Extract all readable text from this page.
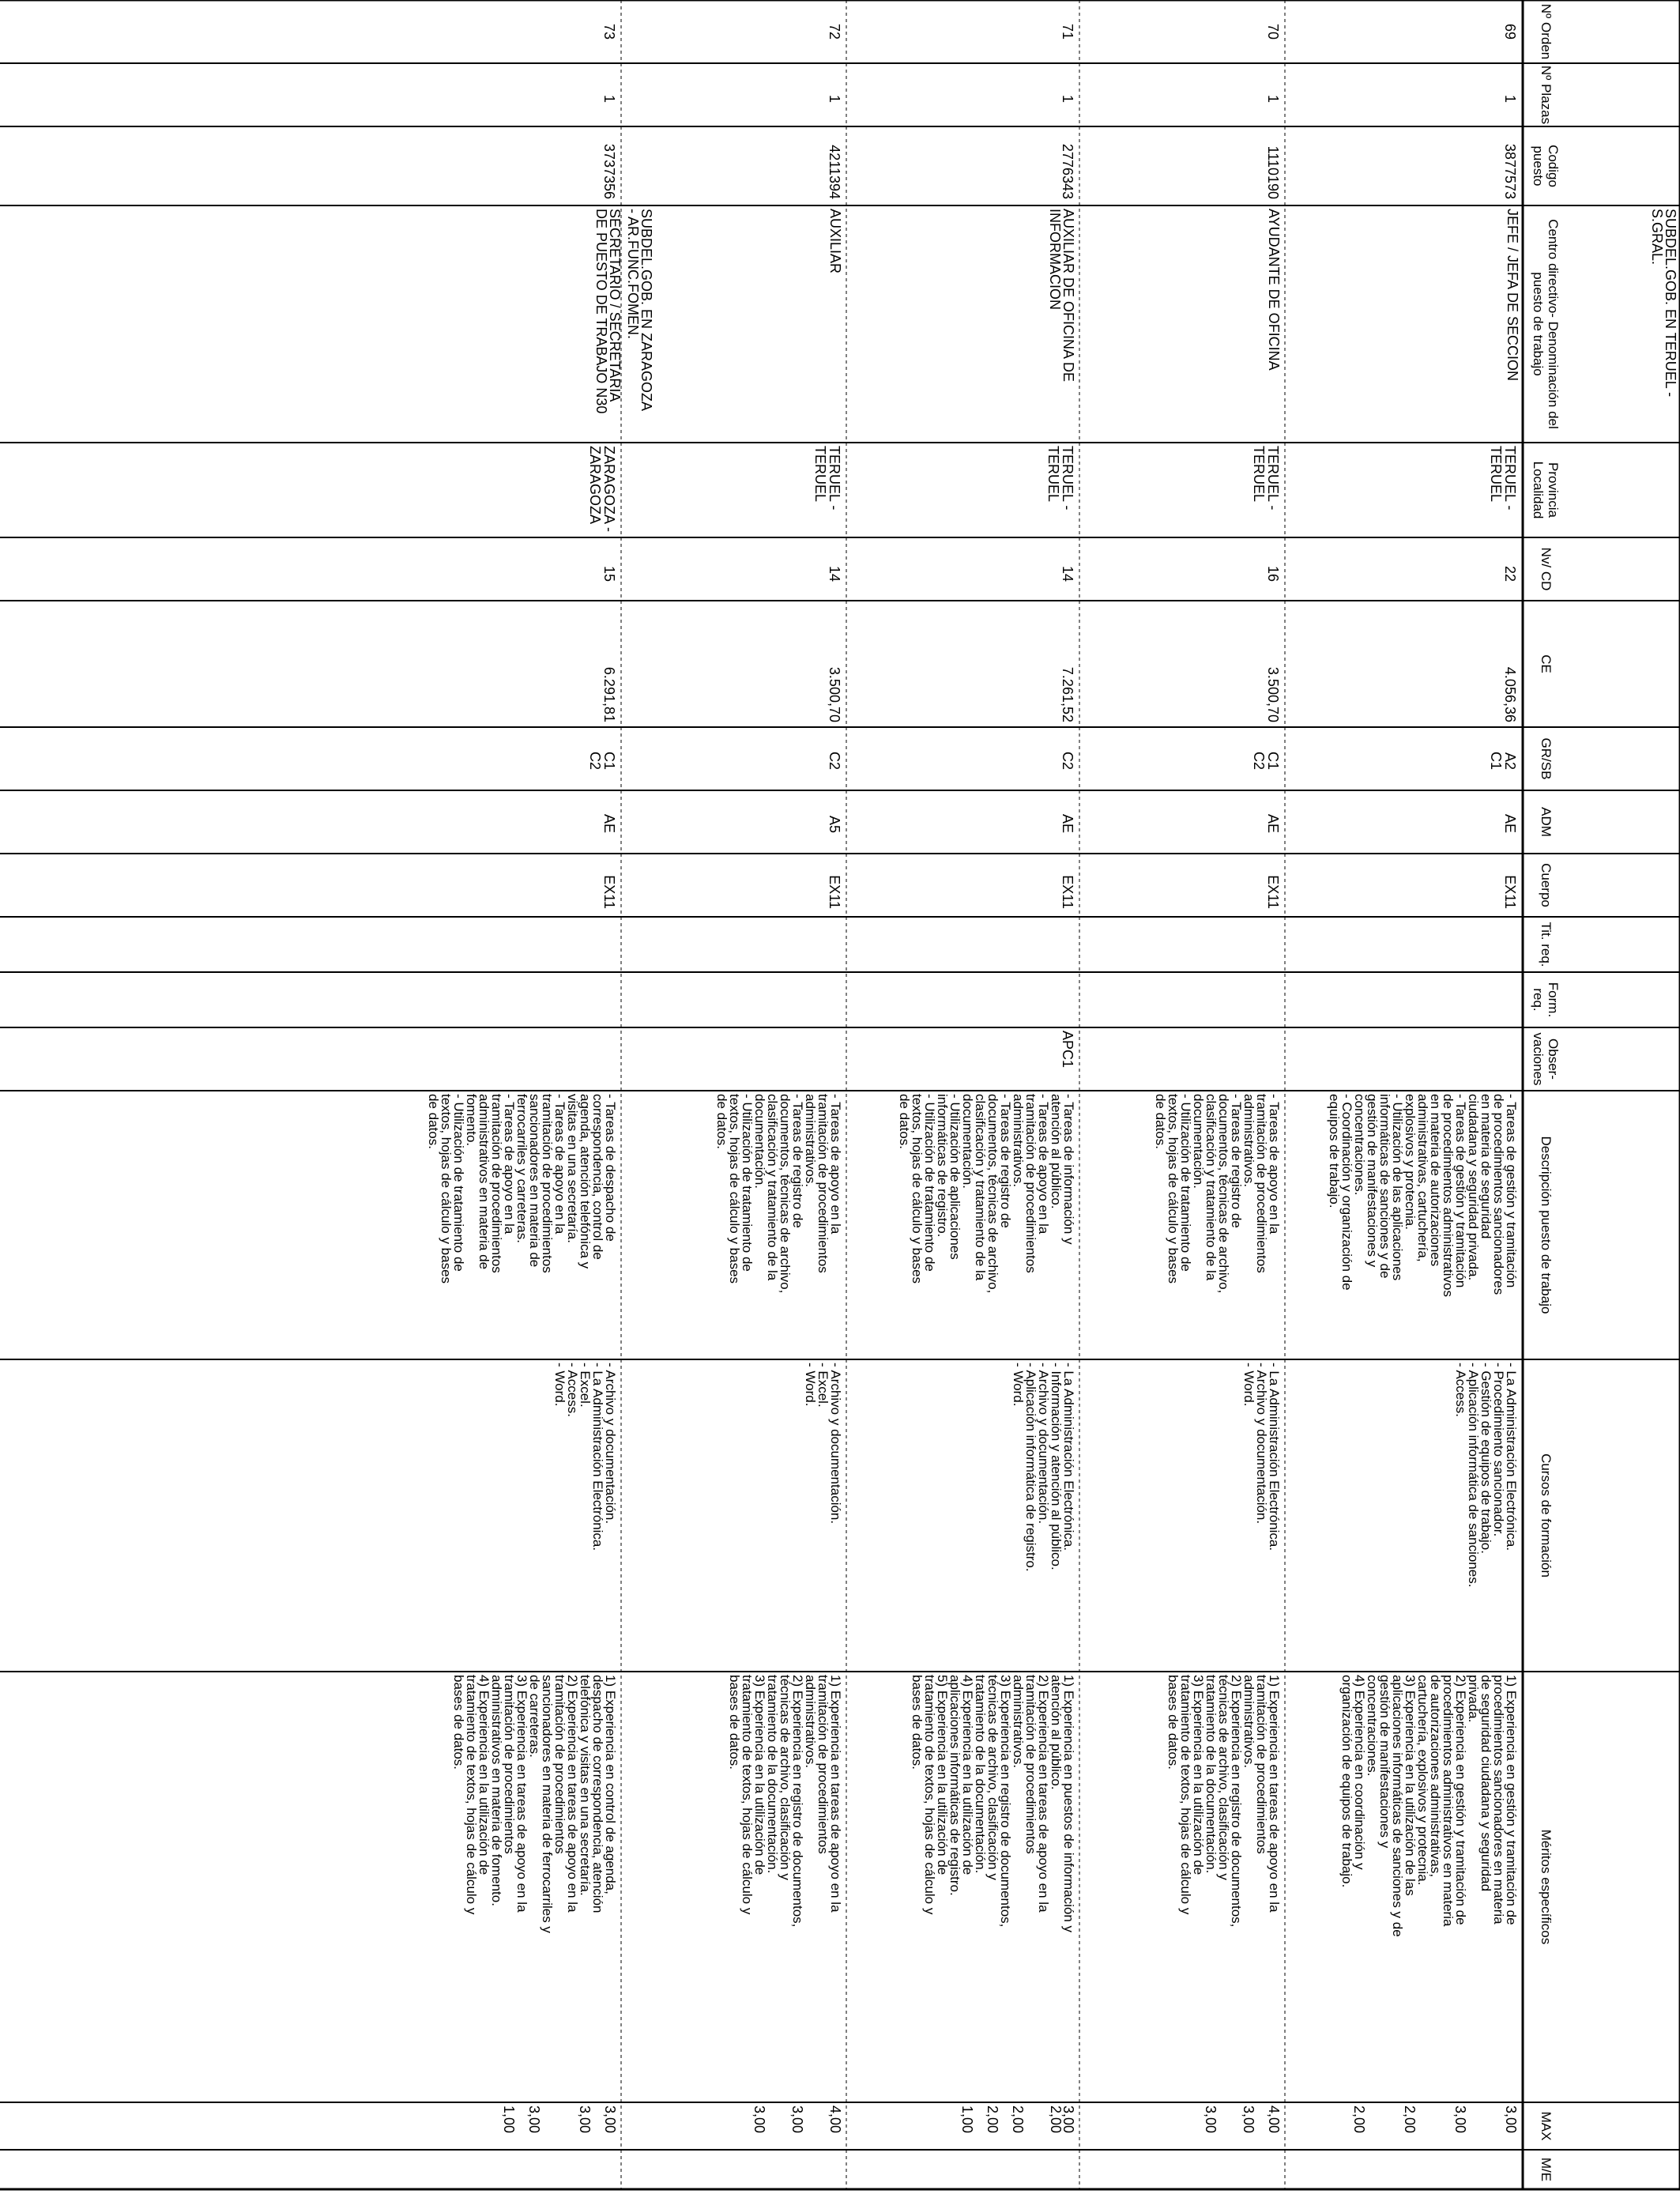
Nº Orden
Nº Plazas
Codigo puesto
Centro directivo- Denominación del puesto de trabajo
Provincia Localidad
Nv/ CD
CE
GR/SB
ADM
Cuerpo
Tit. req.
Form. req.
Obser- vaciones
Descripción puesto de trabajo
Cursos de formación
Méritos específicos
MAX
M/E
69
1
3877573
SUBDEL.GOB. EN TERUEL -
S.GRAL.
JEFE / JEFA DE SECCION
TERUEL -
TERUEL
22
4.056,36
A2
C1
AE
EX11
- Tareas de gestión y tramitación
de procedimientos sancionadores
en materia de seguridad
ciudadana y seguridad privada.
- Tareas de gestión y tramitación
de procedimientos administrativos
en materia de autorizaciones
administrativas, cartuchería,
explosivos y protecnia.
- Utilización de las aplicaciones
informáticas de sanciones y de
gestión de manifestaciones y
concentraciones.
- Coordinación y organización de
equipos de trabajo.
- La Administración Electrónica.
- Procedimiento sancionador.
- Gestión de equipos de trabajo.
- Aplicación informática de sanciones.
- Access.
1) Experiencia en gestión y tramitación de
procedimientos sancionadores en materia
de seguridad ciudadana y seguridad
privada.
2) Experiencia en gestión y tramitación de
procedimientos administrativos en materia
de autorizaciones administrativas,
cartuchería, explosivos y protecnia.
3) Experiencia en la utilización de las
aplicaciones informáticas de sanciones y de
gestión de manifestaciones y
concentraciones.
4) Experiencia en coordinación y
organización de equipos de trabajo.
3,00

3,00

2,00

2,00
70
1
1110190
AYUDANTE DE OFICINA
TERUEL -
TERUEL
16
3.500,70
C1
C2
AE
EX11
- Tareas de apoyo en la
tramitación de procedimientos
administrativos.
- Tareas de registro de
documentos, técnicas de archivo,
clasificación y tratamiento de la
documentación.
- Utilización de tratamiento de
textos, hojas de cálculo y bases
de datos.
- La Administración Electrónica.
- Archivo y documentación.
- Word.
1) Experiencia en tareas de apoyo en la
tramitación de procedimientos
administrativos.
2) Experiencia en registro de documentos,
técnicas de archivo, clasificación y
tratamiento de la documentación.
3) Experiencia en la utilización de
tratamiento de textos, hojas de cálculo y
bases de datos.
4,00

3,00

3,00
71
1
2776343
AUXILIAR DE OFICINA DE
INFORMACION
TERUEL -
TERUEL
14
7.261,52
C2
AE
EX11
APC1
- Tareas de información y
atención al público.
- Tareas de apoyo en la
tramitación de procedimientos
administrativos.
- Tareas de registro de
documentos, técnicas de archivo,
clasificación y tratamiento de la
documentación.
- Utilización de aplicaciones
informáticas de registro.
- Utilización de tratamiento de
textos, hojas de cálculo y bases
de datos.
- La Administración Electrónica.
- Información y atención al público.
- Archivo y documentación.
- Aplicación informática de registro.
- Word.
1) Experiencia en puestos de información y
atención al público.
2) Experiencia en tareas de apoyo en la
tramitación de procedimientos
administrativos.
3) Experiencia en registro de documentos,
técnicas de archivo, clasificación y
tratamiento de la documentación.
4) Experiencia en la utilización de
aplicaciones informáticas de registro.
5) Experiencia en la utilización de
tratamiento de textos, hojas de cálculo y
bases de datos.
3,00
2,00

2,00

2,00

1,00
72
1
4211394
AUXILIAR
TERUEL -
TERUEL
14
3.500,70
C2
A5
EX11
- Tareas de apoyo en la
tramitación de procedimientos
administrativos.
- Tareas de registro de
documentos, técnicas de archivo,
clasificación y tratamiento de la
documentación.
- Utilización de tratamiento de
textos, hojas de cálculo y bases
de datos.
- Archivo y documentación.
- Excel.
- Word.
1) Experiencia en tareas de apoyo en la
tramitación de procedimientos
administrativos.
2) Experiencia en registro de documentos,
técnicas de archivo, clasificación y
tratamiento de la documentación.
3) Experiencia en la utilización de
tratamiento de textos, hojas de cálculo y
bases de datos.
4,00

3,00

3,00
73
1
3737356
SUBDEL.GOB. EN ZARAGOZA
- AR.FUNC.FOMEN.
SECRETARIO / SECRETARIA
DE PUESTO DE TRABAJO N30
ZARAGOZA -
ZARAGOZA
15
6.291,81
C1
C2
AE
EX11
- Tareas de despacho de
correspondencia, control de
agenda, atención telefónica y
visitas en una secretaría.
- Tareas de apoyo en la
tramitación de procedimientos
sancionadores en materia de
ferrocarriles y carreteras.
- Tareas de apoyo en la
tramitación de procedimientos
administrativos en materia de
fomento.
- Utilización de tratamiento de
textos, hojas de cálculo y bases
de datos.
- Archivo y documentación.
- La Administración Electrónica.
- Excel.
- Access.
- Word.
1) Experiencia en control de agenda,
despacho de correspondencia, atención
telefónica y visitas en una secretaría.
2) Experiencia en tareas de apoyo en la
tramitación de procedimientos
sancionadores en materia de ferrocarriles y
de carreteras.
3) Experiencia en tareas de apoyo en la
tramitación de procedimientos
administrativos en materia de fomento.
4) Experiencia en la utilización de
tratamiento de textos, hojas de cálculo y
bases de datos.
3,00

3,00

3,00

1,00
